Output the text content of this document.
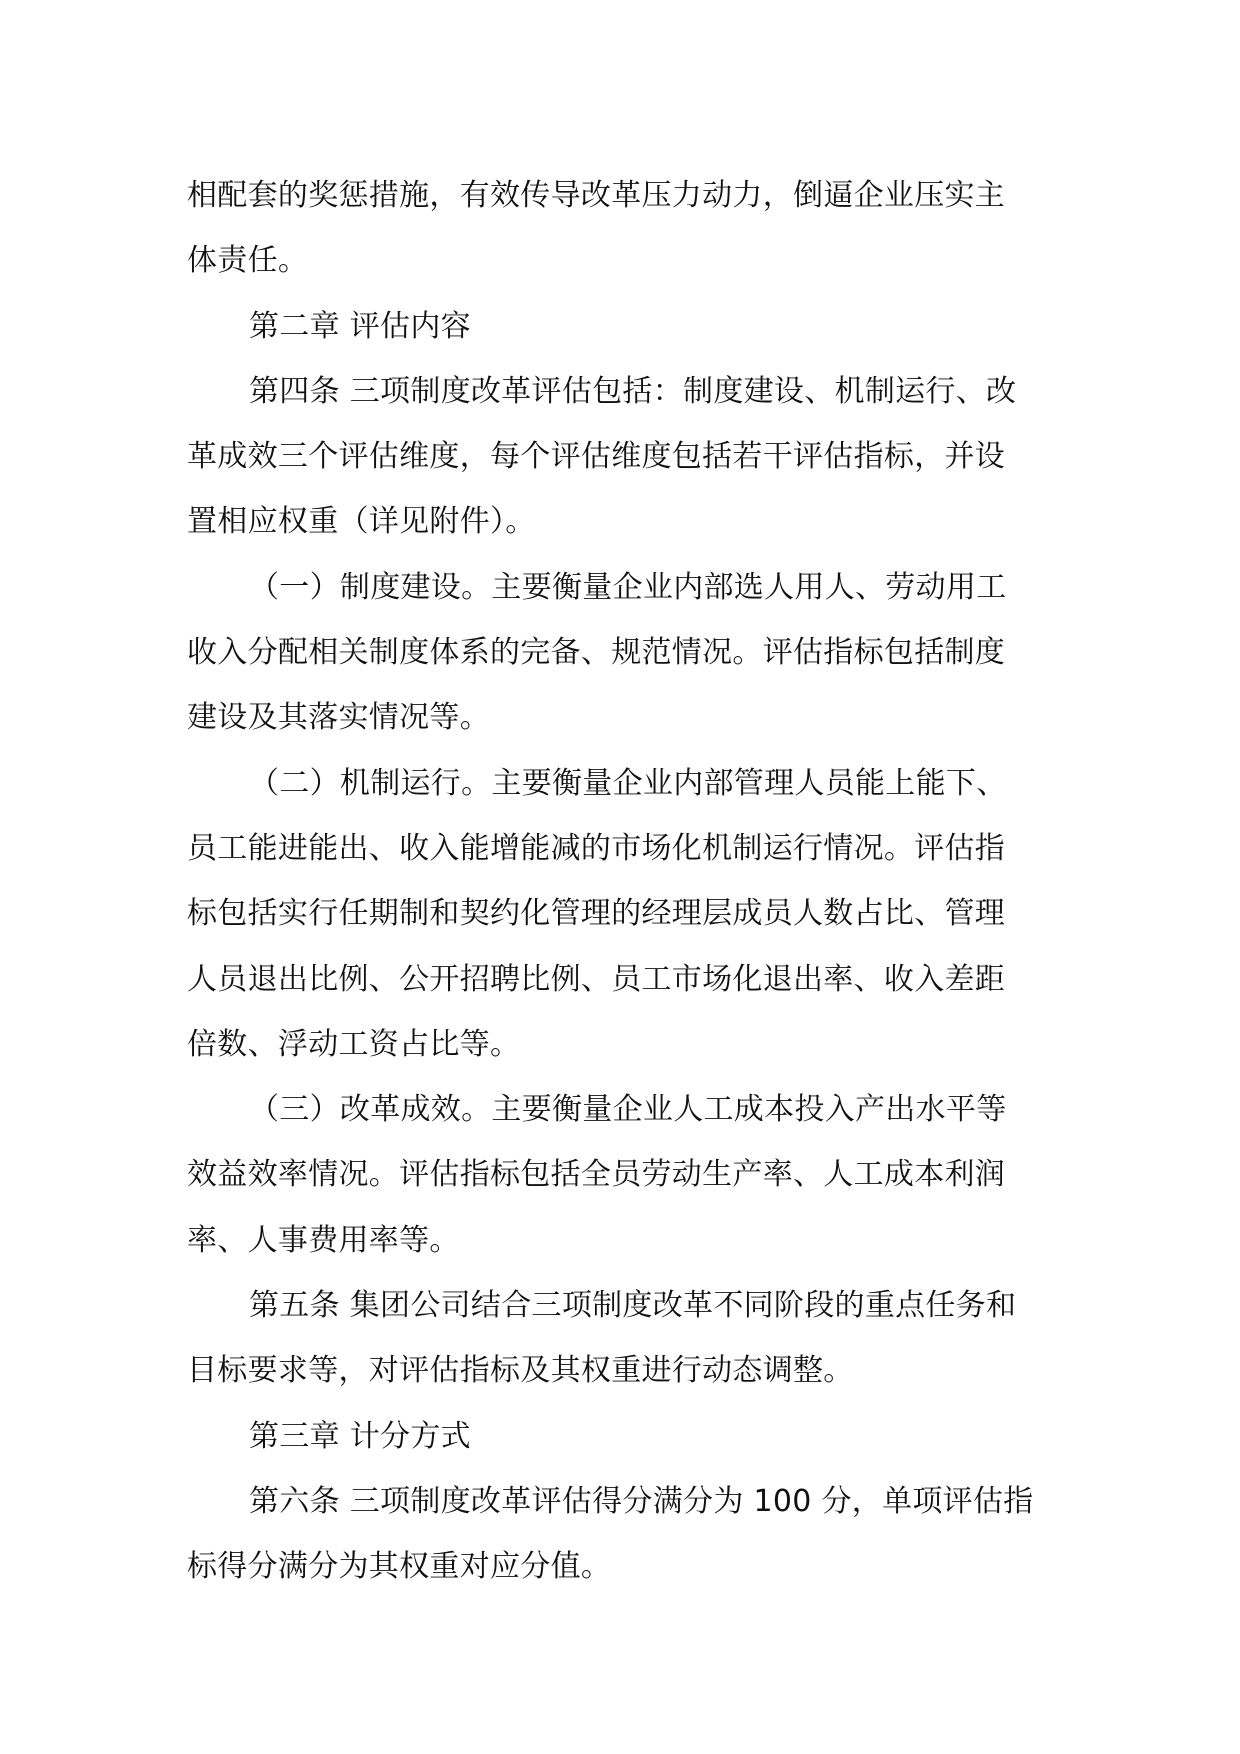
相配套的奖惩措施，有效传导改革压力动力，倒逼企业压实主
体责任。
第二章 评估内容
第四条 三项制度改革评估包括：制度建设、机制运行、改
革成效三个评估维度，每个评估维度包括若干评估指标，并设
置相应权重（详见附件）。
（一）制度建设。主要衡量企业内部选人用人、劳动用工
收入分配相关制度体系的完备、规范情况。评估指标包括制度
建设及其落实情况等。
（二）机制运行。主要衡量企业内部管理人员能上能下、
员工能进能出、收入能增能减的市场化机制运行情况。评估指
标包括实行任期制和契约化管理的经理层成员人数占比、管理
人员退出比例、公开招聘比例、员工市场化退出率、收入差距
倍数、浮动工资占比等。
（三）改革成效。主要衡量企业人工成本投入产出水平等
效益效率情况。评估指标包括全员劳动生产率、人工成本利润
率、人事费用率等。
第五条 集团公司结合三项制度改革不同阶段的重点任务和
目标要求等，对评估指标及其权重进行动态调整。
第三章 计分方式
第六条 三项制度改革评估得分满分为 100 分，单项评估指
标得分满分为其权重对应分值。
